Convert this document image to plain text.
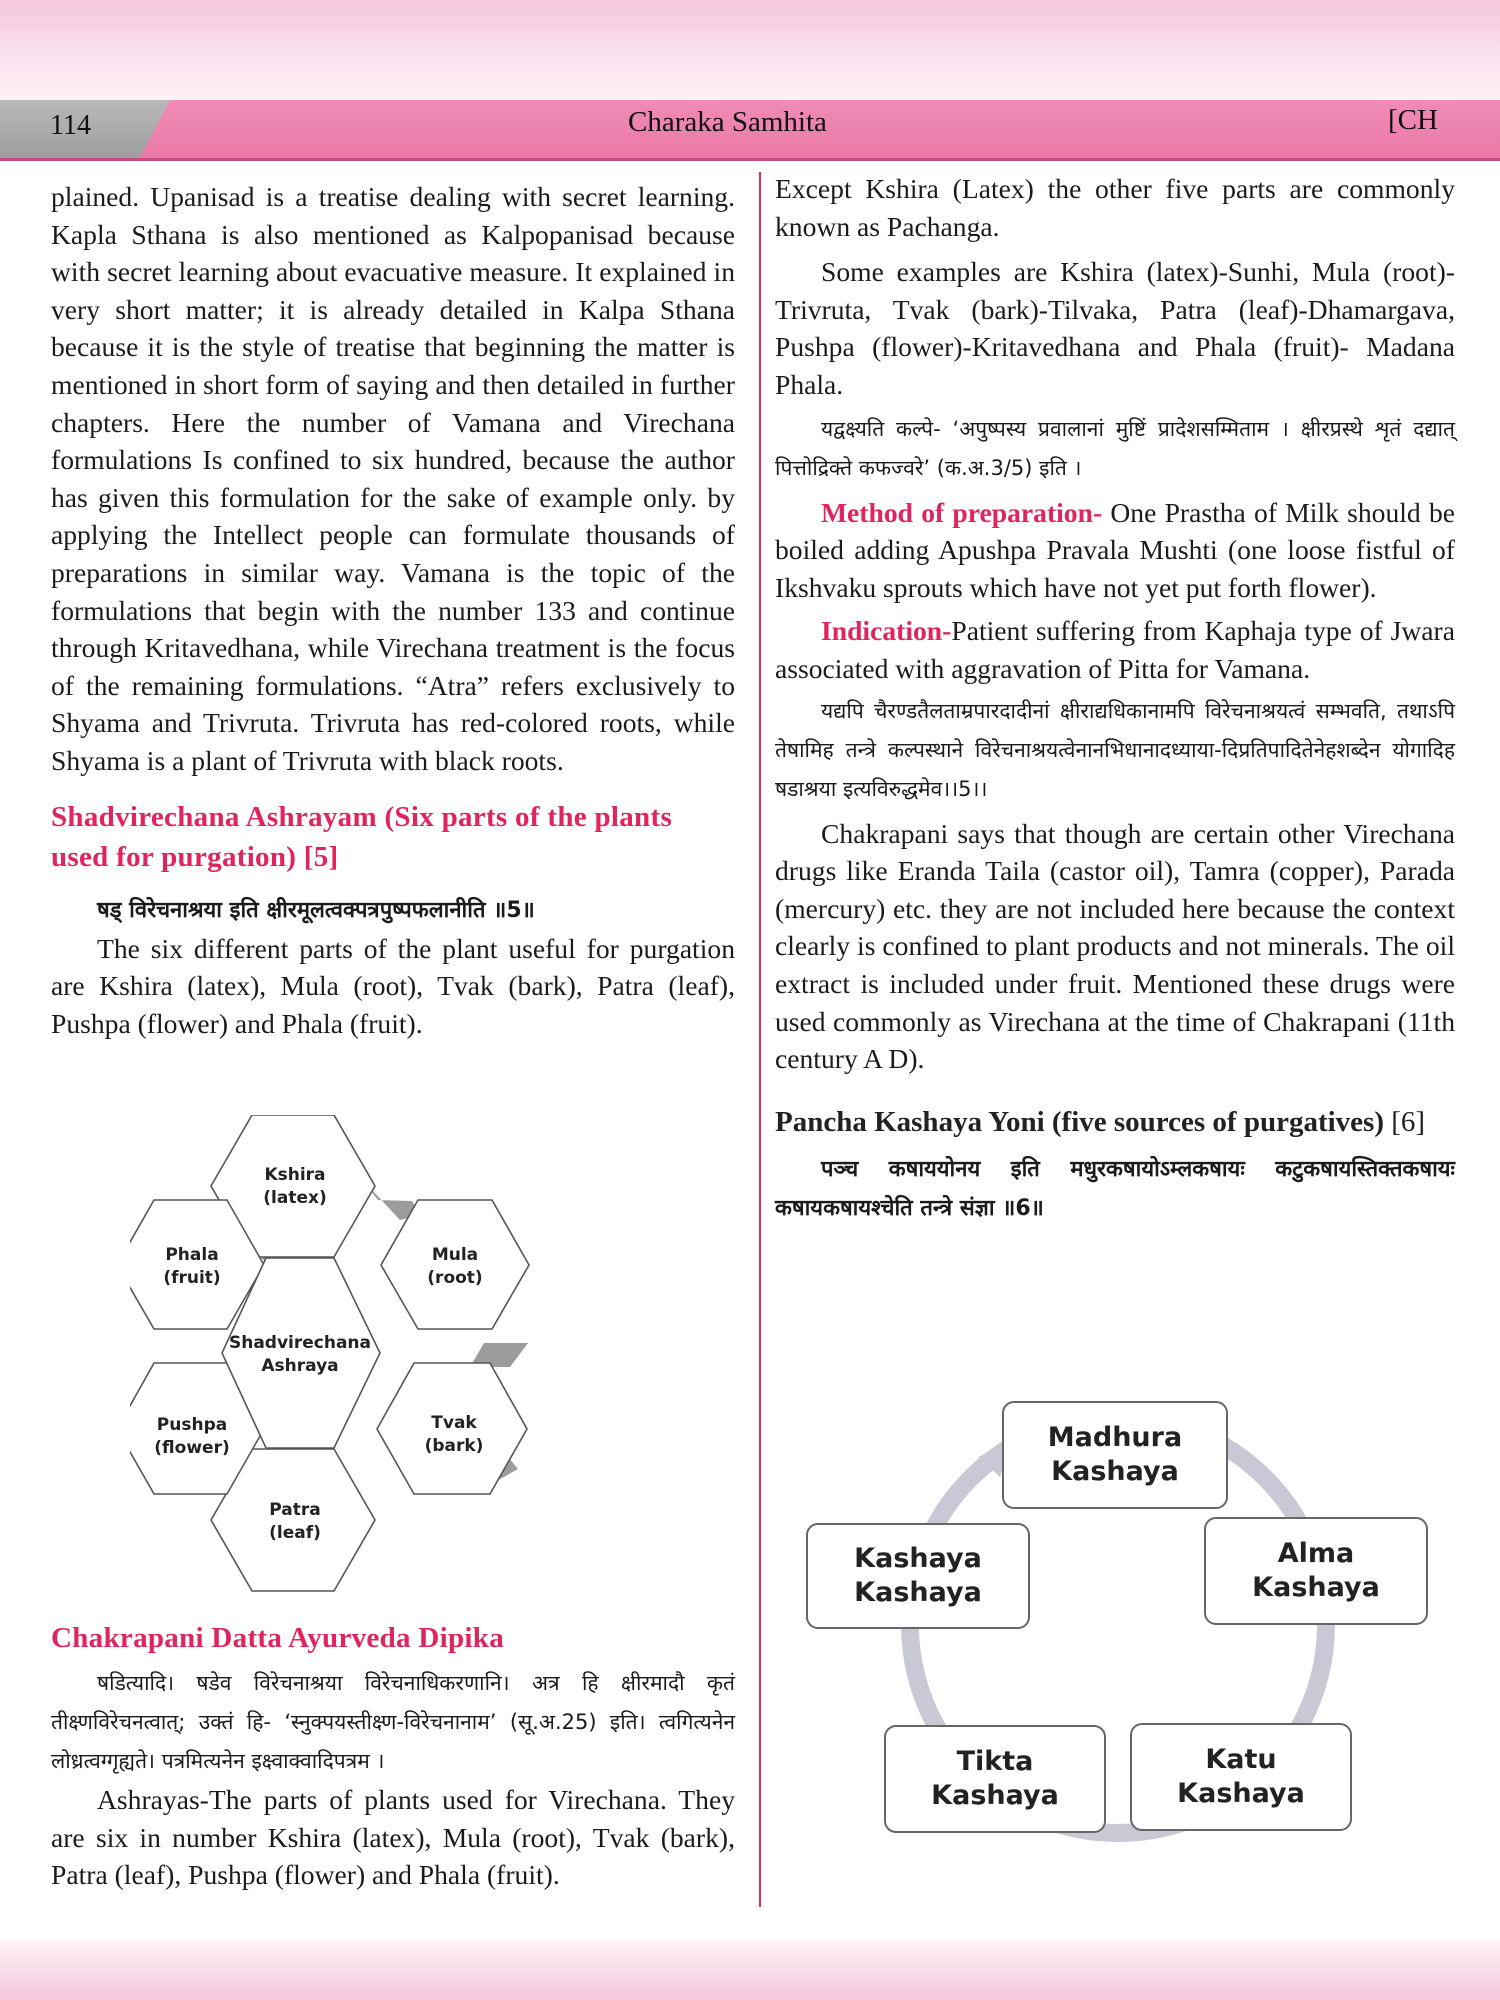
114	Charaka Samhita	[CH

plained. Upanisad is a treatise dealing with secret learning. Kapla Sthana is also mentioned as Kalpopanisad because with secret learning about evacuative measure. It explained in very short matter; it is already detailed in Kalpa Sthana because it is the style of treatise that beginning the matter is mentioned in short form of saying and then detailed in further chapters. Here the number of Vamana and Virechana formulations Is confined to six hundred, because the author has given this formulation for the sake of example only. by applying the Intellect people can formulate thousands of preparations in similar way. Vamana is the topic of the formulations that begin with the number 133 and continue through Kritavedhana, while Virechana treatment is the focus of the remaining formulations. “Atra” refers exclusively to Shyama and Trivruta. Trivruta has red-colored roots, while Shyama is a plant of Trivruta with black roots.

Shadvirechana Ashrayam (Six parts of the plants used for purgation) [5]

षड् विरेचनाश्रया इति क्षीरमूलत्वक्पत्रपुष्पफलानीति ॥5॥

The six different parts of the plant useful for purgation are Kshira (latex), Mula (root), Tvak (bark), Patra (leaf), Pushpa (flower) and Phala (fruit).

Kshira
(latex)
Mula
(root)
Shadvirechana
Ashraya
Phala
(fruit)
Pushpa
(flower)
Tvak
(bark)
Patra
(leaf)
Chakrapani Datta Ayurveda Dipika

षडित्यादि। षडेव विरेचनाश्रया विरेचनाधिकरणानि। अत्र हि क्षीरमादौ कृतं तीक्ष्णविरेचनत्वात्; उक्तं हि- ‘स्नुक्पयस्तीक्ष्ण-विरेचनानाम’ (सू.अ.25) इति। त्वगित्यनेन लोध्रत्वग्गृह्यते। पत्रमित्यनेन इक्ष्वाक्वादिपत्रम ।

Ashrayas-The parts of plants used for Virechana. They are six in number Kshira (latex), Mula (root), Tvak (bark), Patra (leaf), Pushpa (flower) and Phala (fruit).

Except Kshira (Latex) the other five parts are commonly known as Pachanga.

Some examples are Kshira (latex)-Sunhi, Mula (root)-Trivruta, Tvak (bark)-Tilvaka, Patra (leaf)-Dhamargava, Pushpa (flower)-Kritavedhana and Phala (fruit)- Madana Phala.

यद्वक्ष्यति कल्पे- ‘अपुष्पस्य प्रवालानां मुष्टिं प्रादेशसम्मिताम । क्षीरप्रस्थे शृतं दद्यात् पित्तोद्रिक्ते कफज्वरे’ (क.अ.3/5) इति ।

Method of preparation- One Prastha of Milk should be boiled adding Apushpa Pravala Mushti (one loose fistful of Ikshvaku sprouts which have not yet put forth flower).

Indication-Patient suffering from Kaphaja type of Jwara associated with aggravation of Pitta for Vamana.

यद्यपि चैरण्डतैलताम्रपारदादीनां क्षीराद्यधिकानामपि विरेचनाश्रयत्वं सम्भवति, तथाऽपि तेषामिह तन्त्रे कल्पस्थाने विरेचनाश्रयत्वेनानभिधानादध्याया-दिप्रतिपादितेनेहशब्देन योगादिह षडाश्रया इत्यविरुद्धमेव।।5।।

Chakrapani says that though are certain other Virechana drugs like Eranda Taila (castor oil), Tamra (copper), Parada (mercury) etc. they are not included here because the context clearly is confined to plant products and not minerals. The oil extract is included under fruit. Mentioned these drugs were used commonly as Virechana at the time of Chakrapani (11th century A D).

Pancha Kashaya Yoni (five sources of purgatives) [6]

पञ्च कषाययोनय इति मधुरकषायोऽम्लकषायः कटुकषायस्तिक्तकषायः कषायकषायश्चेति तन्त्रे संज्ञा ॥6॥

Madhura
Kashaya
Alma
Kashaya
Katu
Kashaya
Tikta
Kashaya
Kashaya
Kashaya
